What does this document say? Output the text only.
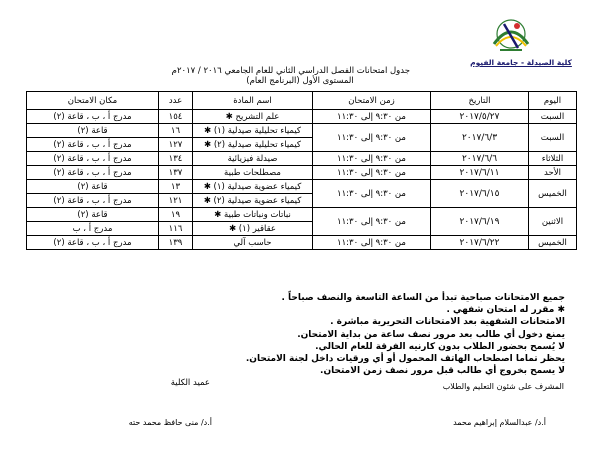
كلية الصيدلة - جامعة الفيوم
جدول امتحانات الفصل الدراسي الثاني للعام الجامعي ٢٠١٦ / ٢٠١٧م
المستوى الأول (البرنامج العام)
اليوم	التاريخ	زمن الامتحان	اسم المادة	عدد	مكان الامتحان
السبت	٢٠١٧/٥/٢٧	من ٩:٣٠ إلى ١١:٣٠	علم التشريح ✱	١٥٤	مدرج أ ، ب ، قاعة (٢)
السبت	٢٠١٧/٦/٣	من ٩:٣٠ إلى ١١:٣٠	كيمياء تحليلية صيدلية (١) ✱	١٦	قاعة (٢)
			كيمياء تحليلية صيدلية (٢) ✱	١٢٧	مدرج أ ، ب ، قاعة (٢)
الثلاثاء	٢٠١٧/٦/٦	من ٩:٣٠ إلى ١١:٣٠	صيدلة فيزيائية	١٣٤	مدرج أ ، ب ، قاعة (٢)
الأحد	٢٠١٧/٦/١١	من ٩:٣٠ إلى ١١:٣٠	مصطلحات طبية	١٣٧	مدرج أ ، ب ، قاعة (٢)
الخميس	٢٠١٧/٦/١٥	من ٩:٣٠ إلى ١١:٣٠	كيمياء عضوية صيدلية (١) ✱	١٣	قاعة (٢)
			كيمياء عضوية صيدلية (٢) ✱	١٢١	مدرج أ ، ب ، قاعة (٢)
الاثنين	٢٠١٧/٦/١٩	من ٩:٣٠ إلى ١١:٣٠	نباتات ونباتات طبية ✱	١٩	قاعة (٢)
			عقاقير (١) ✱	١١٦	مدرج أ ، ب
الخميس	٢٠١٧/٦/٢٢	من ٩:٣٠ إلى ١١:٣٠	حاسب آلي	١٣٩	مدرج أ ، ب ، قاعة (٢)
جميع الامتحانات صباحية تبدأ من الساعة التاسعة والنصف صباحاً .
✱ مقرر له امتحان شفهي .
الامتحانات الشفهية بعد الامتحانات التحريرية مباشرة .
يمنع دخول أي طالب بعد مرور نصف ساعة من بداية الامتحان.
لا يُسمح بحضور الطلاب بدون كارنيه الفرقة للعام الحالي.
يحظر تماما اصطحاب الهاتف المحمول أو أي ورقيات داخل لجنة الامتحان.
لا يسمح بخروج أي طالب قبل مرور نصف زمن الامتحان.
المشرف على شئون التعليم والطلاب
عميد الكلية
أ.د/ عبدالسلام إبراهيم محمد
أ.د/ منى حافظ محمد حته
